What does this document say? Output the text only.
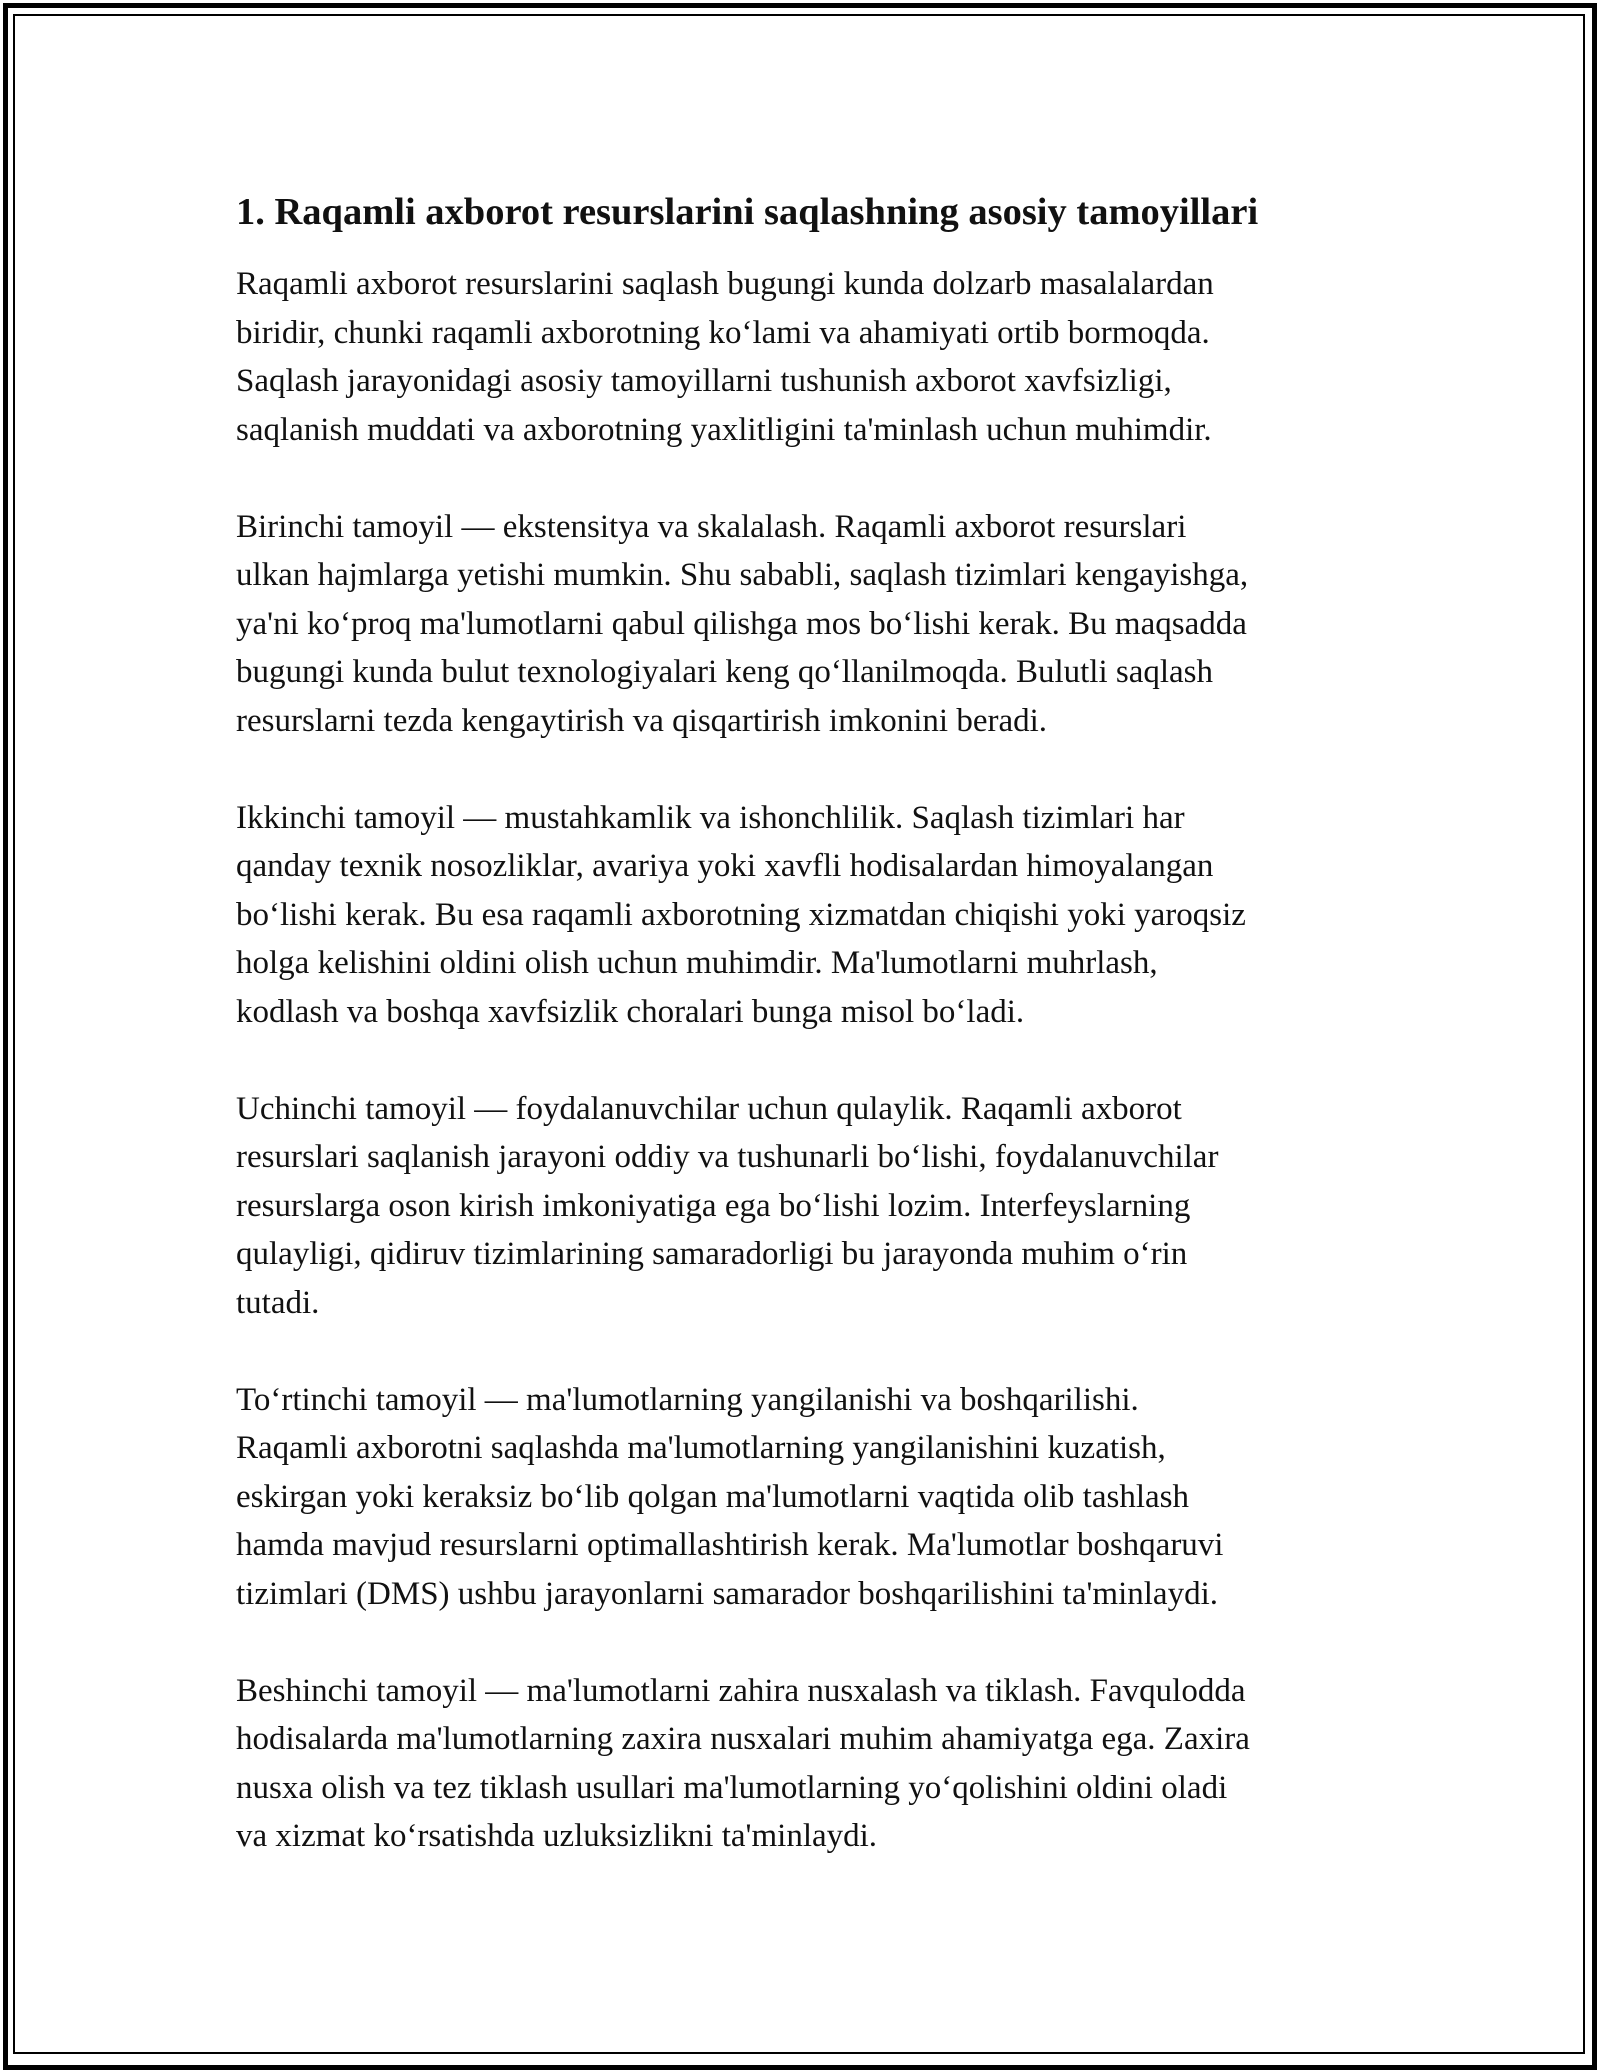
1. Raqamli axborot resurslarini saqlashning asosiy tamoyillari

Raqamli axborot resurslarini saqlash bugungi kunda dolzarb masalalardan
biridir, chunki raqamli axborotning ko‘lami va ahamiyati ortib bormoqda.
Saqlash jarayonidagi asosiy tamoyillarni tushunish axborot xavfsizligi,
saqlanish muddati va axborotning yaxlitligini ta'minlash uchun muhimdir.

Birinchi tamoyil — ekstensitya va skalalash. Raqamli axborot resurslari
ulkan hajmlarga yetishi mumkin. Shu sababli, saqlash tizimlari kengayishga,
ya'ni ko‘proq ma'lumotlarni qabul qilishga mos bo‘lishi kerak. Bu maqsadda
bugungi kunda bulut texnologiyalari keng qo‘llanilmoqda. Bulutli saqlash
resurslarni tezda kengaytirish va qisqartirish imkonini beradi.

Ikkinchi tamoyil — mustahkamlik va ishonchlilik. Saqlash tizimlari har
qanday texnik nosozliklar, avariya yoki xavfli hodisalardan himoyalangan
bo‘lishi kerak. Bu esa raqamli axborotning xizmatdan chiqishi yoki yaroqsiz
holga kelishini oldini olish uchun muhimdir. Ma'lumotlarni muhrlash,
kodlash va boshqa xavfsizlik choralari bunga misol bo‘ladi.

Uchinchi tamoyil — foydalanuvchilar uchun qulaylik. Raqamli axborot
resurslari saqlanish jarayoni oddiy va tushunarli bo‘lishi, foydalanuvchilar
resurslarga oson kirish imkoniyatiga ega bo‘lishi lozim. Interfeyslarning
qulayligi, qidiruv tizimlarining samaradorligi bu jarayonda muhim o‘rin
tutadi.

To‘rtinchi tamoyil — ma'lumotlarning yangilanishi va boshqarilishi.
Raqamli axborotni saqlashda ma'lumotlarning yangilanishini kuzatish,
eskirgan yoki keraksiz bo‘lib qolgan ma'lumotlarni vaqtida olib tashlash
hamda mavjud resurslarni optimallashtirish kerak. Ma'lumotlar boshqaruvi
tizimlari (DMS) ushbu jarayonlarni samarador boshqarilishini ta'minlaydi.

Beshinchi tamoyil — ma'lumotlarni zahira nusxalash va tiklash. Favqulodda
hodisalarda ma'lumotlarning zaxira nusxalari muhim ahamiyatga ega. Zaxira
nusxa olish va tez tiklash usullari ma'lumotlarning yo‘qolishini oldini oladi
va xizmat ko‘rsatishda uzluksizlikni ta'minlaydi.
